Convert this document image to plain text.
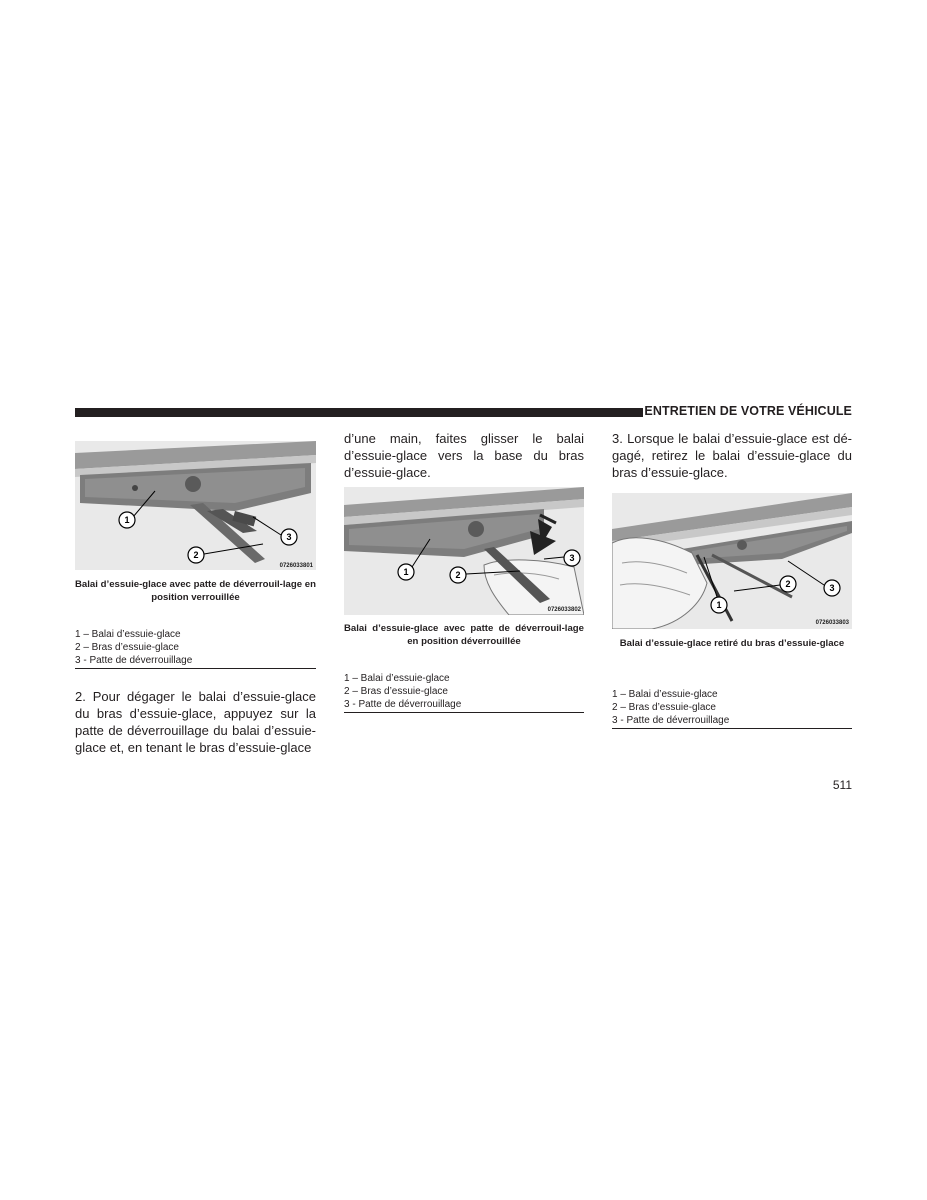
ENTRETIEN DE VOTRE VÉHICULE
1
2
3
0726033801
Balai d’essuie-glace avec patte de déverrouil-lage en position verrouillée
1 – Balai d’essuie-glace
2 – Bras d’essuie-glace
3 - Patte de déverrouillage
2. Pour dégager le balai d’essuie-glace du bras d’essuie-glace, appuyez sur la patte de déverrouillage du balai d’essuie-glace et, en tenant le bras d’essuie-glace
d’une main, faites glisser le balai d’essuie-glace vers la base du bras d’essuie-glace.
1	2
3
0726033802
Balai d’essuie-glace avec patte de déverrouil-lage en position déverrouillée
1 – Balai d’essuie-glace
2 – Bras d’essuie-glace
3 - Patte de déverrouillage
3. Lorsque le balai d’essuie-glace est dé-gagé, retirez le balai d’essuie-glace du bras d’essuie-glace.
1
2	3
0726033803
Balai d’essuie-glace retiré du bras d’essuie-glace
1 – Balai d’essuie-glace
2 – Bras d’essuie-glace
3 - Patte de déverrouillage
511
